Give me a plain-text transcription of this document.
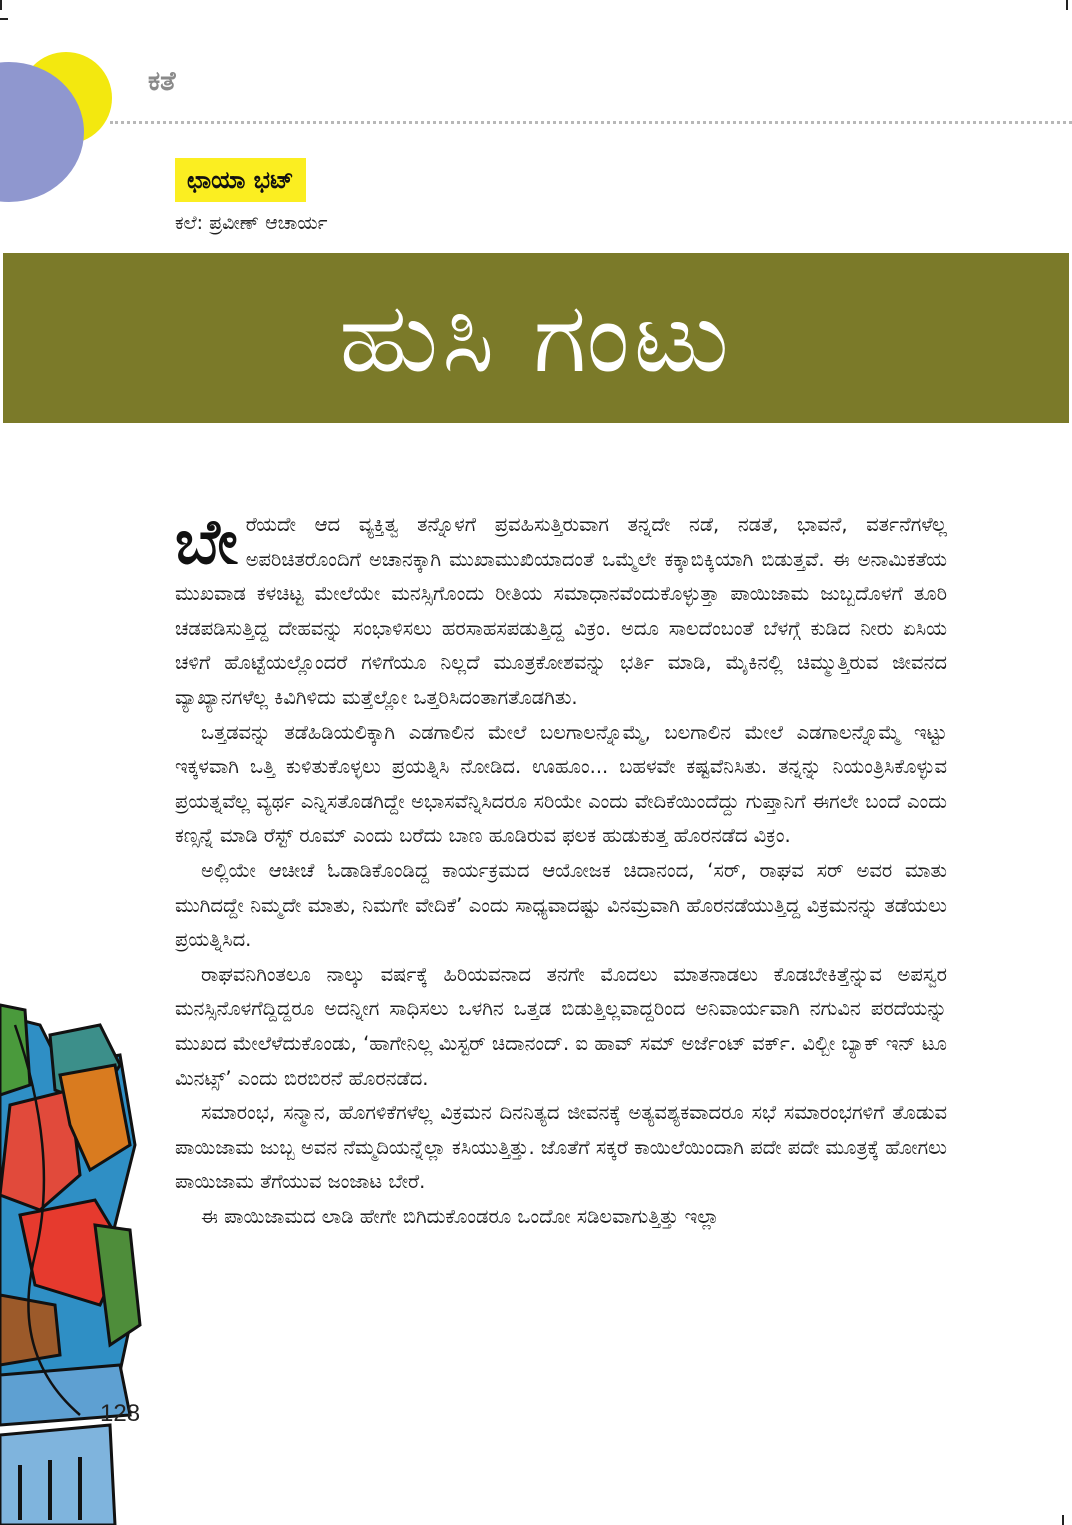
ಕತೆ
ಛಾಯಾ ಭಟ್
ಕಲೆ: ಪ್ರವೀಣ್ ಆಚಾರ್ಯ
ಹುಸಿ ಗಂಟು

ಬೇರೆಯದೇ ಆದ ವ್ಯಕ್ತಿತ್ವ ತನ್ನೊಳಗೆ ಪ್ರವಹಿಸುತ್ತಿರುವಾಗ ತನ್ನದೇ ನಡೆ, ನಡತೆ, ಭಾವನೆ, ವರ್ತನೆಗಳೆಲ್ಲ ಅಪರಿಚಿತರೊಂದಿಗೆ ಅಚಾನಕ್ಕಾಗಿ ಮುಖಾಮುಖಿಯಾದಂತೆ ಒಮ್ಮೆಲೇ ಕಕ್ಕಾಬಿಕ್ಕಿಯಾಗಿ ಬಿಡುತ್ತವೆ. ಈ ಅನಾಮಿಕತೆಯ ಮುಖವಾಡ ಕಳಚಿಟ್ಟ ಮೇಲೆಯೇ ಮನಸ್ಸಿಗೊಂದು ರೀತಿಯ ಸಮಾಧಾನವೆಂದುಕೊಳ್ಳುತ್ತಾ ಪಾಯಿಜಾಮ ಜುಬ್ಬದೊಳಗೆ ತೂರಿ ಚಡಪಡಿಸುತ್ತಿದ್ದ ದೇಹವನ್ನು ಸಂಭಾಳಿಸಲು ಹರಸಾಹಸಪಡುತ್ತಿದ್ದ ವಿಕ್ರಂ. ಅದೂ ಸಾಲದೆಂಬಂತೆ ಬೆಳಗ್ಗೆ ಕುಡಿದ ನೀರು ಏಸಿಯ ಚಳಿಗೆ ಹೊಟ್ಟೆಯಲ್ಲೊಂದರೆ ಗಳಿಗೆಯೂ ನಿಲ್ಲದೆ ಮೂತ್ರಕೋಶವನ್ನು ಭರ್ತಿ ಮಾಡಿ, ಮೈಕಿನಲ್ಲಿ ಚಿಮ್ಮುತ್ತಿರುವ ಜೀವನದ ವ್ಯಾಖ್ಯಾನಗಳೆಲ್ಲ ಕಿವಿಗಿಳಿದು ಮತ್ತೆಲ್ಲೋ ಒತ್ತರಿಸಿದಂತಾಗತೊಡಗಿತು.

ಒತ್ತಡವನ್ನು ತಡೆಹಿಡಿಯಲಿಕ್ಕಾಗಿ ಎಡಗಾಲಿನ ಮೇಲೆ ಬಲಗಾಲನ್ನೊಮ್ಮೆ, ಬಲಗಾಲಿನ ಮೇಲೆ ಎಡಗಾಲನ್ನೊಮ್ಮೆ ಇಟ್ಟು ಇಕ್ಕಳವಾಗಿ ಒತ್ತಿ ಕುಳಿತುಕೊಳ್ಳಲು ಪ್ರಯತ್ನಿಸಿ ನೋಡಿದ. ಊಹೂಂ... ಬಹಳವೇ ಕಷ್ಟವೆನಿಸಿತು. ತನ್ನನ್ನು ನಿಯಂತ್ರಿಸಿಕೊಳ್ಳುವ ಪ್ರಯತ್ನವೆಲ್ಲ ವ್ಯರ್ಥ ಎನ್ನಿಸತೊಡಗಿದ್ದೇ ಅಭಾಸವೆನ್ನಿಸಿದರೂ ಸರಿಯೇ ಎಂದು ವೇದಿಕೆಯಿಂದೆದ್ದು ಗುಪ್ತಾನಿಗೆ ಈಗಲೇ ಬಂದೆ ಎಂದು ಕಣ್ಸನ್ನೆ ಮಾಡಿ ರೆಸ್ಟ್ ರೂಮ್ ಎಂದು ಬರೆದು ಬಾಣ ಹೂಡಿರುವ ಫಲಕ ಹುಡುಕುತ್ತ ಹೊರನಡೆದ ವಿಕ್ರಂ.

ಅಲ್ಲಿಯೇ ಆಚೀಚೆ ಓಡಾಡಿಕೊಂಡಿದ್ದ ಕಾರ್ಯಕ್ರಮದ ಆಯೋಜಕ ಚಿದಾನಂದ, ‘ಸರ್, ರಾಘವ ಸರ್ ಅವರ ಮಾತು ಮುಗಿದದ್ದೇ ನಿಮ್ಮದೇ ಮಾತು, ನಿಮಗೇ ವೇದಿಕೆ’ ಎಂದು ಸಾಧ್ಯವಾದಷ್ಟು ವಿನಮ್ರವಾಗಿ ಹೊರನಡೆಯುತ್ತಿದ್ದ ವಿಕ್ರಮನನ್ನು ತಡೆಯಲು ಪ್ರಯತ್ನಿಸಿದ.

ರಾಘವನಿಗಿಂತಲೂ ನಾಲ್ಕು ವರ್ಷಕ್ಕೆ ಹಿರಿಯವನಾದ ತನಗೇ ಮೊದಲು ಮಾತನಾಡಲು ಕೊಡಬೇಕಿತ್ತೆನ್ನುವ ಅಪಸ್ವರ ಮನಸ್ಸಿನೊಳಗೆದ್ದಿದ್ದರೂ ಅದನ್ನೀಗ ಸಾಧಿಸಲು ಒಳಗಿನ ಒತ್ತಡ ಬಿಡುತ್ತಿಲ್ಲವಾದ್ದರಿಂದ ಅನಿವಾರ್ಯವಾಗಿ ನಗುವಿನ ಪರದೆಯನ್ನು ಮುಖದ ಮೇಲೆಳೆದುಕೊಂಡು, ‘ಹಾಗೇನಿಲ್ಲ ಮಿಸ್ಟರ್ ಚಿದಾನಂದ್. ಐ ಹಾವ್ ಸಮ್ ಅರ್ಜೆಂಟ್ ವರ್ಕ್. ವಿಲ್ಬೀ ಬ್ಯಾಕ್ ಇನ್ ಟೂ ಮಿನಟ್ಸ್’ ಎಂದು ಬಿರಬಿರನೆ ಹೊರನಡೆದ.

ಸಮಾರಂಭ, ಸನ್ಮಾನ, ಹೊಗಳಿಕೆಗಳೆಲ್ಲ ವಿಕ್ರಮನ ದಿನನಿತ್ಯದ ಜೀವನಕ್ಕೆ ಅತ್ಯವಶ್ಯಕವಾದರೂ ಸಭೆ ಸಮಾರಂಭಗಳಿಗೆ ತೊಡುವ ಪಾಯಿಜಾಮ ಜುಬ್ಬ ಅವನ ನೆಮ್ಮದಿಯನ್ನೆಲ್ಲಾ ಕಸಿಯುತ್ತಿತ್ತು. ಜೊತೆಗೆ ಸಕ್ಕರೆ ಕಾಯಿಲೆಯಿಂದಾಗಿ ಪದೇ ಪದೇ ಮೂತ್ರಕ್ಕೆ ಹೋಗಲು ಪಾಯಿಜಾಮ ತೆಗೆಯುವ ಜಂಜಾಟ ಬೇರೆ.

ಈ ಪಾಯಿಜಾಮದ ಲಾಡಿ ಹೇಗೇ ಬಿಗಿದುಕೊಂಡರೂ ಒಂದೋ ಸಡಿಲವಾಗುತ್ತಿತ್ತು ಇಲ್ಲಾ

128
